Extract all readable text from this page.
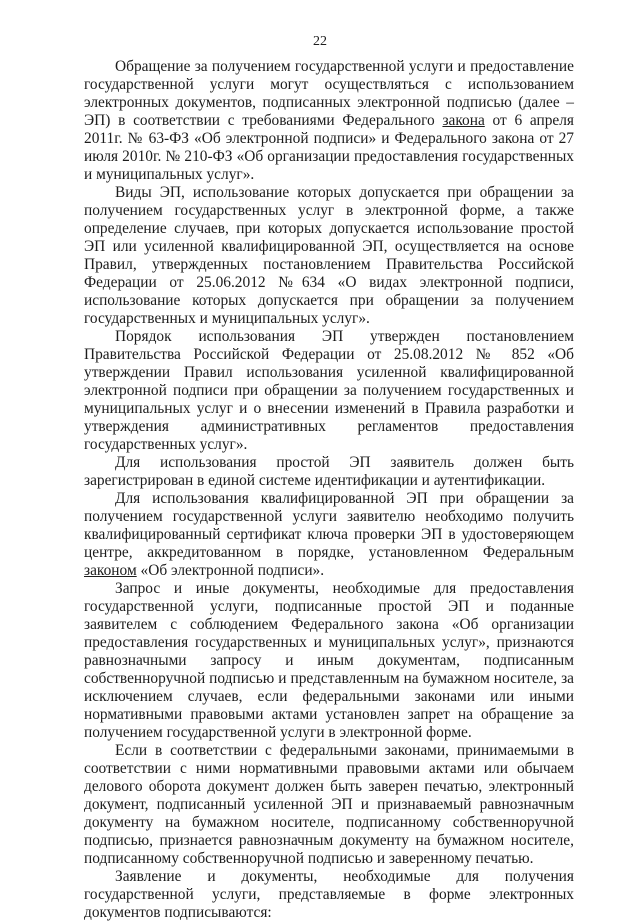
22

Обращение за получением государственной услуги и предоставление государственной услуги могут осуществляться с использованием электронных документов, подписанных электронной подписью (далее – ЭП) в соответствии с требованиями Федерального закона от 6 апреля 2011г. № 63-ФЗ «Об электронной подписи» и Федерального закона от 27 июля 2010г. № 210-ФЗ «Об организации предоставления государственных и муниципальных услуг».

Виды ЭП, использование которых допускается при обращении за получением государственных услуг в электронной форме, а также определение случаев, при которых допускается использование простой ЭП или усиленной квалифицированной ЭП, осуществляется на основе Правил, утвержденных постановлением Правительства Российской Федерации от 25.06.2012 №634 «О видах электронной подписи, использование которых допускается при обращении за получением государственных и муниципальных услуг».

Порядок использования ЭП утвержден постановлением Правительства Российской Федерации от 25.08.2012 № 852 «Об утверждении Правил использования усиленной квалифицированной электронной подписи при обращении за получением государственных и муниципальных услуг и о внесении изменений в Правила разработки и утверждения административных регламентов предоставления государственных услуг».

Для использования простой ЭП заявитель должен быть зарегистрирован в единой системе идентификации и аутентификации.

Для использования квалифицированной ЭП при обращении за получением государственной услуги заявителю необходимо получить квалифицированный сертификат ключа проверки ЭП в удостоверяющем центре, аккредитованном в порядке, установленном Федеральным законом «Об электронной подписи».

Запрос и иные документы, необходимые для предоставления государственной услуги, подписанные простой ЭП и поданные заявителем с соблюдением Федерального закона «Об организации предоставления государственных и муниципальных услуг», признаются равнозначными запросу и иным документам, подписанным собственноручной подписью и представленным на бумажном носителе, за исключением случаев, если федеральными законами или иными нормативными правовыми актами установлен запрет на обращение за получением государственной услуги в электронной форме.

Если в соответствии с федеральными законами, принимаемыми в соответствии с ними нормативными правовыми актами или обычаем делового оборота документ должен быть заверен печатью, электронный документ, подписанный усиленной ЭП и признаваемый равнозначным документу на бумажном носителе, подписанному собственноручной подписью, признается равнозначным документу на бумажном носителе, подписанному собственноручной подписью и заверенному печатью.

Заявление и документы, необходимые для получения государственной услуги, представляемые в форме электронных документов подписываются:
